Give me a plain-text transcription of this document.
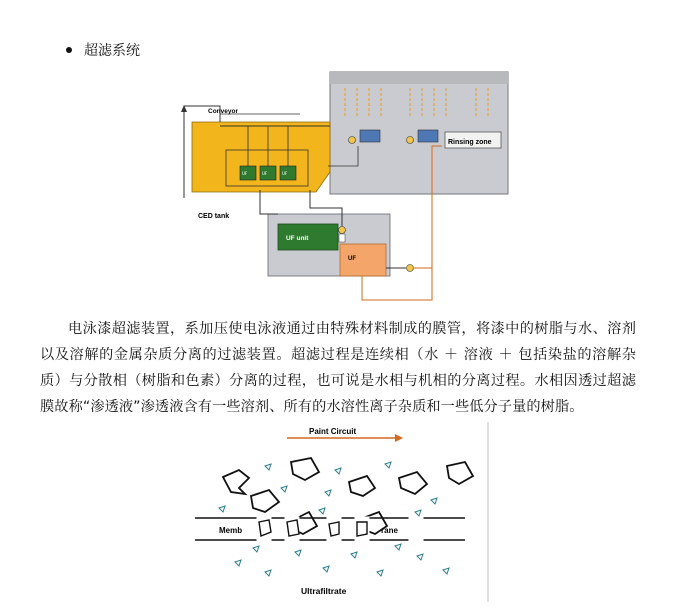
超滤系统
Rinsing zone
Conveyor
UF	UF	UF
CED tank
UF unit
UF
电泳漆超滤装置，系加压使电泳液通过由特殊材料制成的膜管，将漆中的树脂与水、溶剂以及溶解的金属杂质分离的过滤装置。超滤过程是连续相（水 ＋ 溶液 ＋ 包括染盐的溶解杂质）与分散相（树脂和色素）分离的过程，也可说是水相与机相的分离过程。水相因透过超滤膜故称“渗透液”渗透液含有一些溶剂、所有的水溶性离子杂质和一些低分子量的树脂。
Paint Circuit
Memb	rane
Ultrafiltrate
